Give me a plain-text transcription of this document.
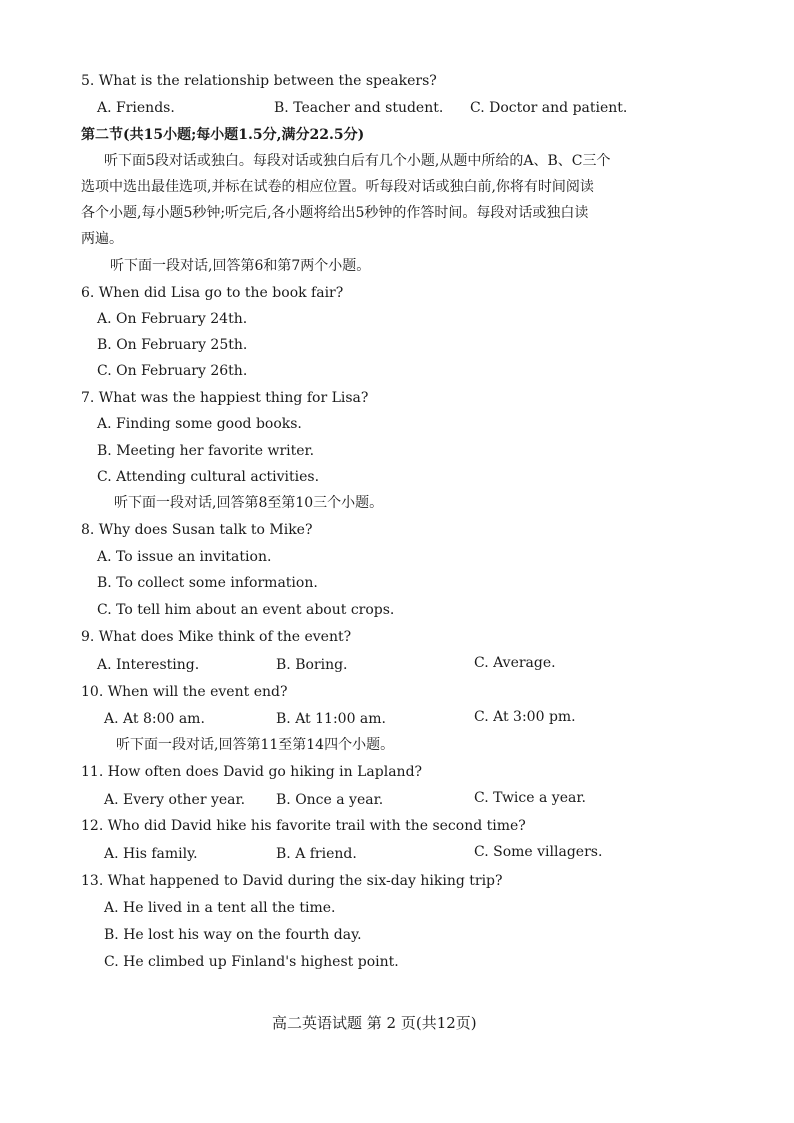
5. What is the relationship between the speakers?
A. Friends.	B. Teacher and student. C. Doctor and patient.
第二节(共15小题;每小题1.5分,满分22.5分)
听下面5段对话或独白。每段对话或独白后有几个小题,从题中所给的A、B、C三个
选项中选出最佳选项,并标在试卷的相应位置。听每段对话或独白前,你将有时间阅读
各个小题,每小题5秒钟;听完后,各小题将给出5秒钟的作答时间。每段对话或独白读
两遍。
听下面一段对话,回答第6和第7两个小题。
6. When did Lisa go to the book fair?
A. On February 24th.
B. On February 25th.
C. On February 26th.
7. What was the happiest thing for Lisa?
A. Finding some good books.
B. Meeting her favorite writer.
C. Attending cultural activities.
听下面一段对话,回答第8至第10三个小题。
8. Why does Susan talk to Mike?
A. To issue an invitation.
B. To collect some information.
C. To tell him about an event about crops.
9. What does Mike think of the event?
A. Interesting.	B. Boring.	C. Average.
10. When will the event end?
A. At 8:00 am.	B. At 11:00 am.	C. At 3:00 pm.
听下面一段对话,回答第11至第14四个小题。
11. How often does David go hiking in Lapland?
A. Every other year. B. Once a year.	C. Twice a year.
12. Who did David hike his favorite trail with the second time?
A. His family.	B. A friend.	C. Some villagers.
13. What happened to David during the six-day hiking trip?
A. He lived in a tent all the time.
B. He lost his way on the fourth day.
C. He climbed up Finland's highest point.
高二英语试题 第 2 页(共12页)
